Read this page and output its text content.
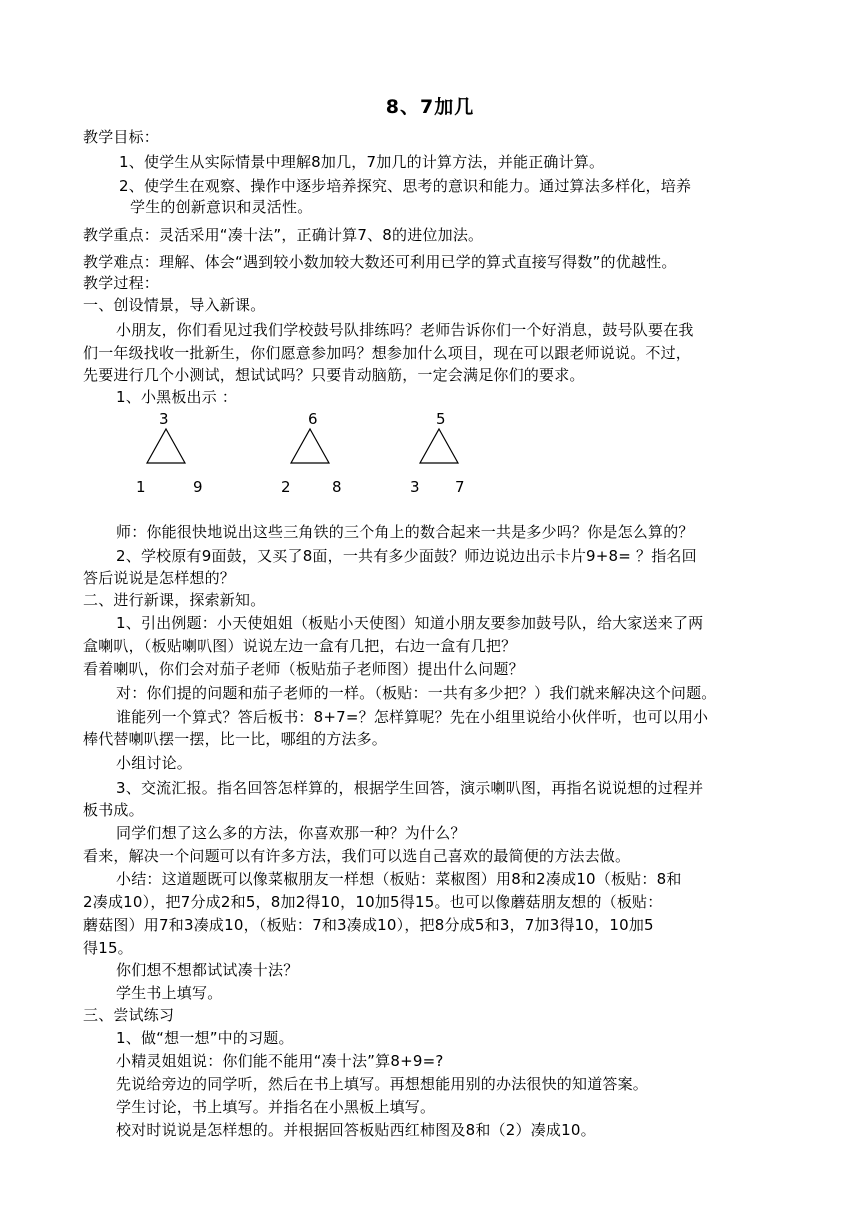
8、7加几
教学目标：
1、使学生从实际情景中理解8加几，7加几的计算方法，并能正确计算。
2、使学生在观察、操作中逐步培养探究、思考的意识和能力。通过算法多样化，培养
学生的创新意识和灵活性。
教学重点：灵活采用“凑十法”，正确计算7、8的进位加法。
教学难点：理解、体会“遇到较小数加较大数还可利用已学的算式直接写得数”的优越性。
教学过程：
一、创设情景，导入新课。
小朋友，你们看见过我们学校鼓号队排练吗？老师告诉你们一个好消息，鼓号队要在我
们一年级找收一批新生，你们愿意参加吗？想参加什么项目，现在可以跟老师说说。不过，
先要进行几个小测试，想试试吗？只要肯动脑筋，一定会满足你们的要求。
1、小黑板出示 ：
3
1	9
6
2	8
5
3 7
师：你能很快地说出这些三角铁的三个角上的数合起来一共是多少吗？你是怎么算的？
2、学校原有9面鼓，又买了8面，一共有多少面鼓？师边说边出示卡片9+8= ？指名回
答后说说是怎样想的？
二、进行新课，探索新知。
1、引出例题：小天使姐姐（板贴小天使图）知道小朋友要参加鼓号队，给大家送来了两
盒喇叭，（板贴喇叭图）说说左边一盒有几把，右边一盒有几把？
看着喇叭，你们会对茄子老师（板贴茄子老师图）提出什么问题？
对：你们提的问题和茄子老师的一样。（板贴：一共有多少把？）我们就来解决这个问题。
谁能列一个算式？答后板书：8+7=？怎样算呢？先在小组里说给小伙伴听，也可以用小
棒代替喇叭摆一摆，比一比，哪组的方法多。
小组讨论。
3、交流汇报。指名回答怎样算的，根据学生回答，演示喇叭图，再指名说说想的过程并
板书成。
同学们想了这么多的方法，你喜欢那一种？为什么？
看来，解决一个问题可以有许多方法，我们可以选自己喜欢的最简便的方法去做。
小结：这道题既可以像菜椒朋友一样想（板贴：菜椒图）用8和2凑成10（板贴：8和
2凑成10），把7分成2和5，8加2得10，10加5得15。也可以像蘑菇朋友想的（板贴：
蘑菇图）用7和3凑成10，（板贴：7和3凑成10），把8分成5和3，7加3得10，10加5
得15。
你们想不想都试试凑十法？
学生书上填写。
三、尝试练习
1、做“想一想”中的习题。
小精灵姐姐说：你们能不能用“凑十法”算8+9=?
先说给旁边的同学听，然后在书上填写。再想想能用别的办法很快的知道答案。
学生讨论，书上填写。并指名在小黑板上填写。
校对时说说是怎样想的。并根据回答板贴西红柿图及8和（2）凑成10。
